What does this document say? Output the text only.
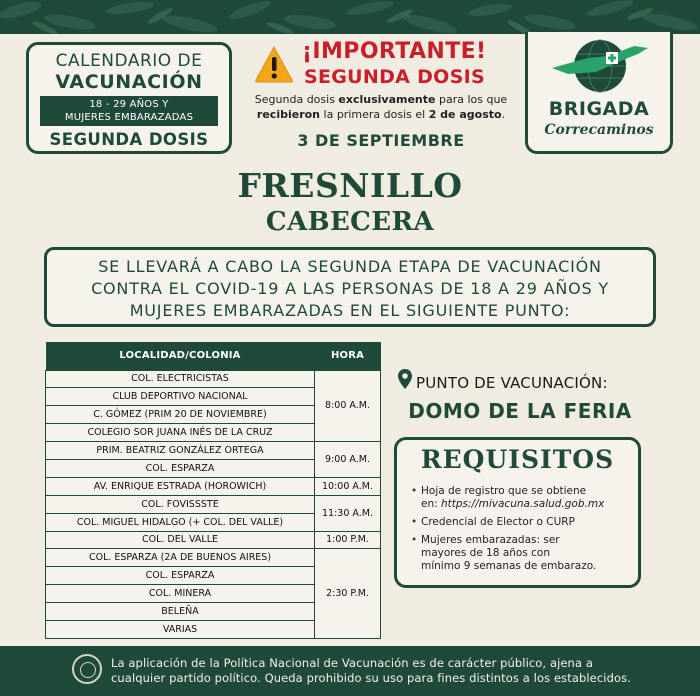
CALENDARIO DE
VACUNACIÓN
18 - 29 AÑOS Y
MUJERES EMBARAZADAS
SEGUNDA DOSIS
¡IMPORTANTE!
SEGUNDA DOSIS
Segunda dosis exclusivamente para los que
recibieron la primera dosis el 2 de agosto.
3 DE SEPTIEMBRE
BRIGADA
Correcaminos
FRESNILLO
CABECERA
SE LLEVARÁ A CABO LA SEGUNDA ETAPA DE VACUNACIÓN
CONTRA EL COVID-19 A LAS PERSONAS DE 18 A 29 AÑOS Y
MUJERES EMBARAZADAS EN EL SIGUIENTE PUNTO:
LOCALIDAD/COLONIA	HORA
COL. ELECTRICISTAS	8:00 A.M.
CLUB DEPORTIVO NACIONAL	
C. GÓMEZ (PRIM 20 DE NOVIEMBRE)	
COLEGIO SOR JUANA INÉS DE LA CRUZ	
PRIM. BEATRIZ GONZÁLEZ ORTEGA	9:00 A.M.
COL. ESPARZA	
AV. ENRIQUE ESTRADA (HOROWICH)	10:00 A.M.
COL. FOVISSSTE	11:30 A.M.
COL. MIGUEL HIDALGO (+ COL. DEL VALLE)	
COL. DEL VALLE	1:00 P.M.
COL. ESPARZA (2A DE BUENOS AIRES)	2:30 P.M.
COL. ESPARZA	
COL. MINERA	
BELEÑA	
VARIAS	
PUNTO DE VACUNACIÓN:
DOMO DE LA FERIA
REQUISITOS
• Hoja de registro que se obtiene
en: https://mivacuna.salud.gob.mx
• Credencial de Elector o CURP
• Mujeres embarazadas: ser
mayores de 18 años con
mínimo 9 semanas de embarazo.
La aplicación de la Política Nacional de Vacunación es de carácter público, ajena a
cualquier partido político. Queda prohibido su uso para fines distintos a los establecidos.
